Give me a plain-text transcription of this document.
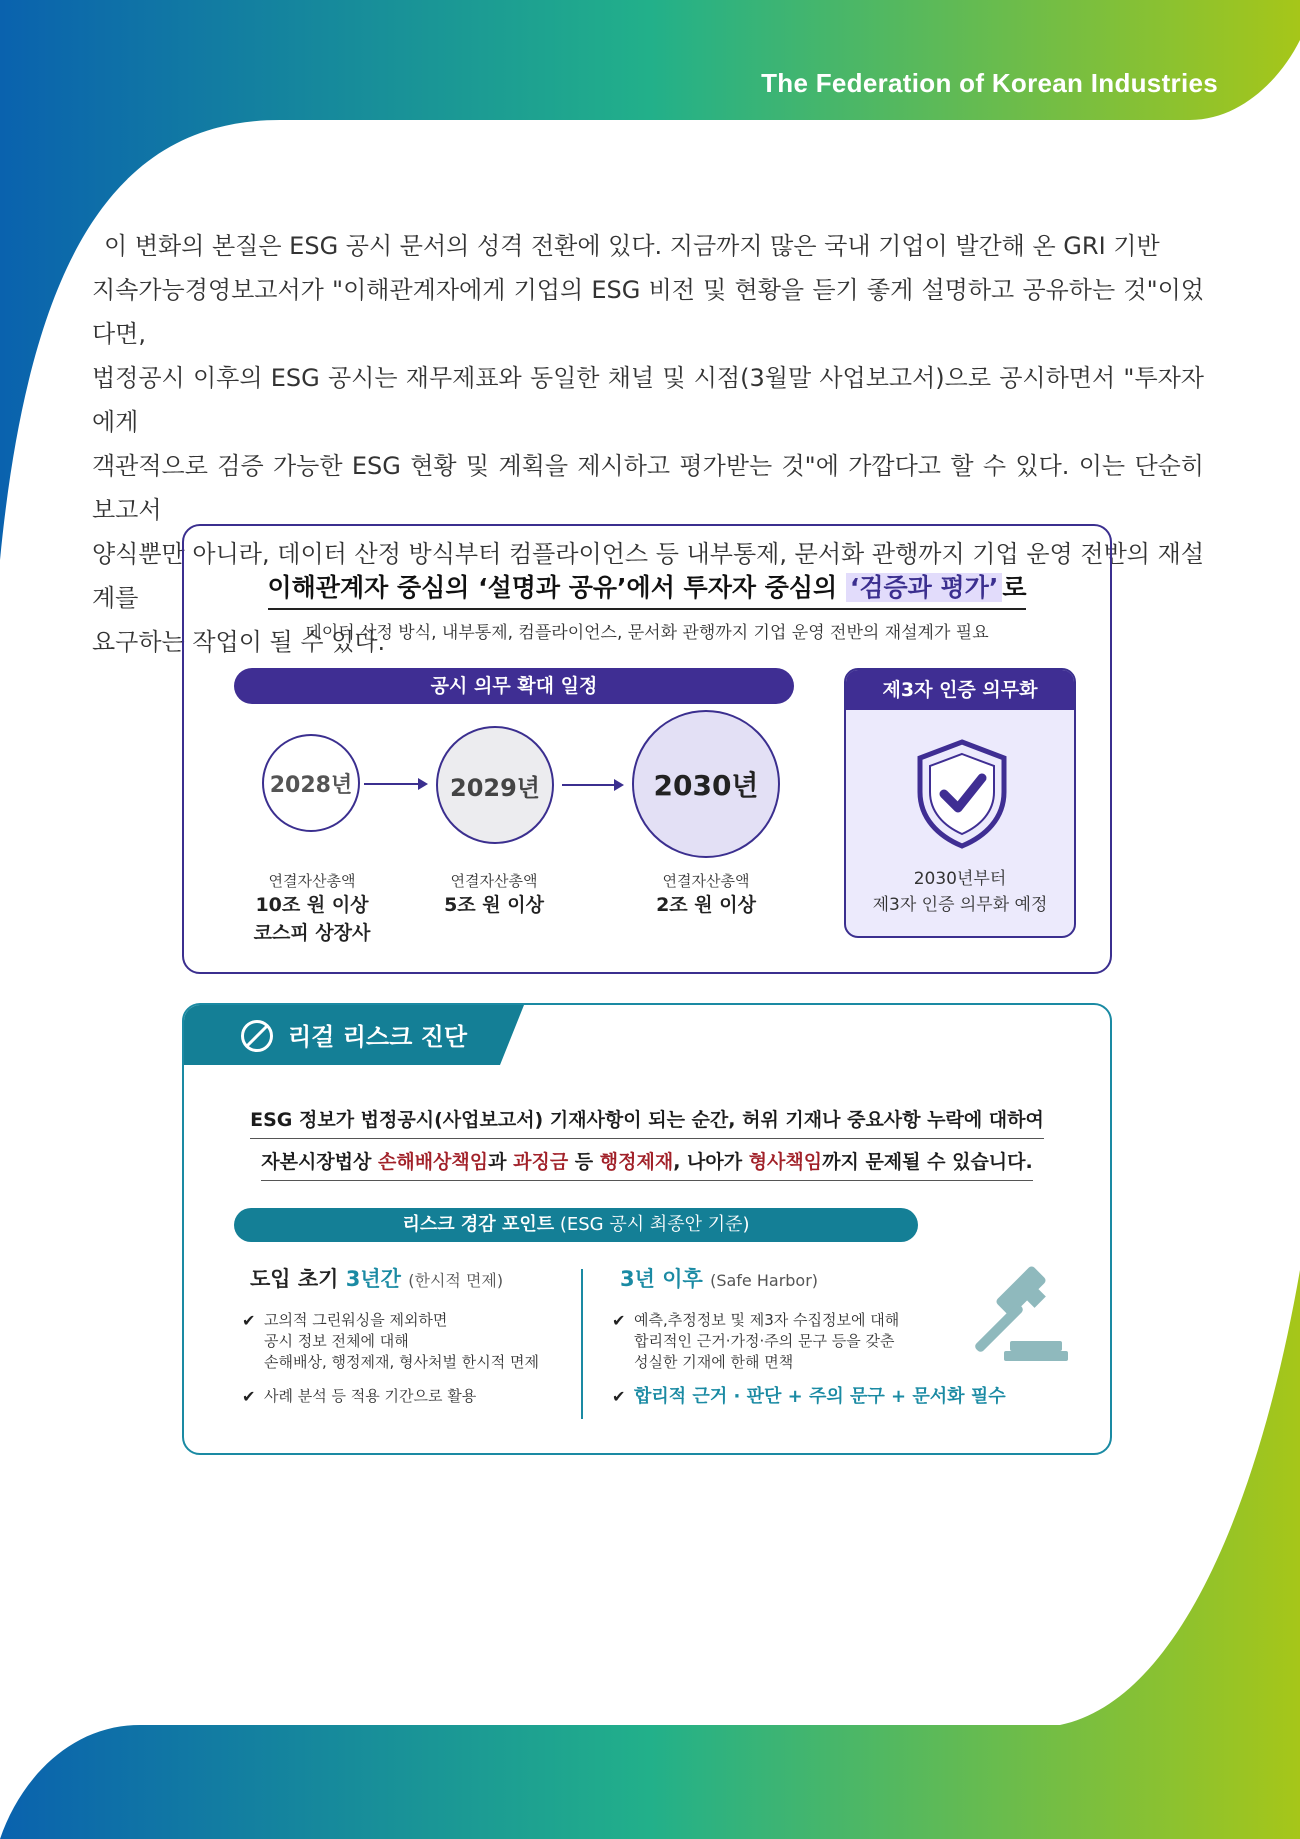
The Federation of Korean Industries
이 변화의 본질은 ESG 공시 문서의 성격 전환에 있다. 지금까지 많은 국내 기업이 발간해 온 GRI 기반
지속가능경영보고서가 "이해관계자에게 기업의 ESG 비전 및 현황을 듣기 좋게 설명하고 공유하는 것"이었다면,
법정공시 이후의 ESG 공시는 재무제표와 동일한 채널 및 시점(3월말 사업보고서)으로 공시하면서 "투자자에게
객관적으로 검증 가능한 ESG 현황 및 계획을 제시하고 평가받는 것"에 가깝다고 할 수 있다. 이는 단순히 보고서
양식뿐만 아니라, 데이터 산정 방식부터 컴플라이언스 등 내부통제, 문서화 관행까지 기업 운영 전반의 재설계를
요구하는 작업이 될 수 있다.
이해관계자 중심의 ‘설명과 공유’에서 투자자 중심의 ‘검증과 평가’ 로
데이터 산정 방식, 내부통제, 컴플라이언스, 문서화 관행까지 기업 운영 전반의 재설계가 필요
공시 의무 확대 일정
2028년	2029년	2030년
연결자산총액
10조 원 이상
코스피 상장사
연결자산총액
5조 원 이상
연결자산총액
2조 원 이상
제3자 인증 의무화
2030년부터
제3자 인증 의무화 예정
리걸 리스크 진단
ESG 정보가 법정공시(사업보고서) 기재사항이 되는 순간, 허위 기재나 중요사항 누락에 대하여
자본시장법상 손해배상책임과 과징금 등 행정제재, 나아가 형사책임까지 문제될 수 있습니다.
리스크 경감 포인트 (ESG 공시 최종안 기준)
도입 초기 3년간 (한시적 면제)	3년 이후 (Safe Harbor)
✔ 고의적 그린워싱을 제외하면
공시 정보 전체에 대해
손해배상, 행정제재, 형사처벌 한시적 면제
✔ 사례 분석 등 적용 기간으로 활용
✔ 예측,추정정보 및 제3자 수집정보에 대해
합리적인 근거·가정·주의 문구 등을 갖춘
성실한 기재에 한해 면책
✔ 합리적 근거 · 판단 + 주의 문구 + 문서화 필수
